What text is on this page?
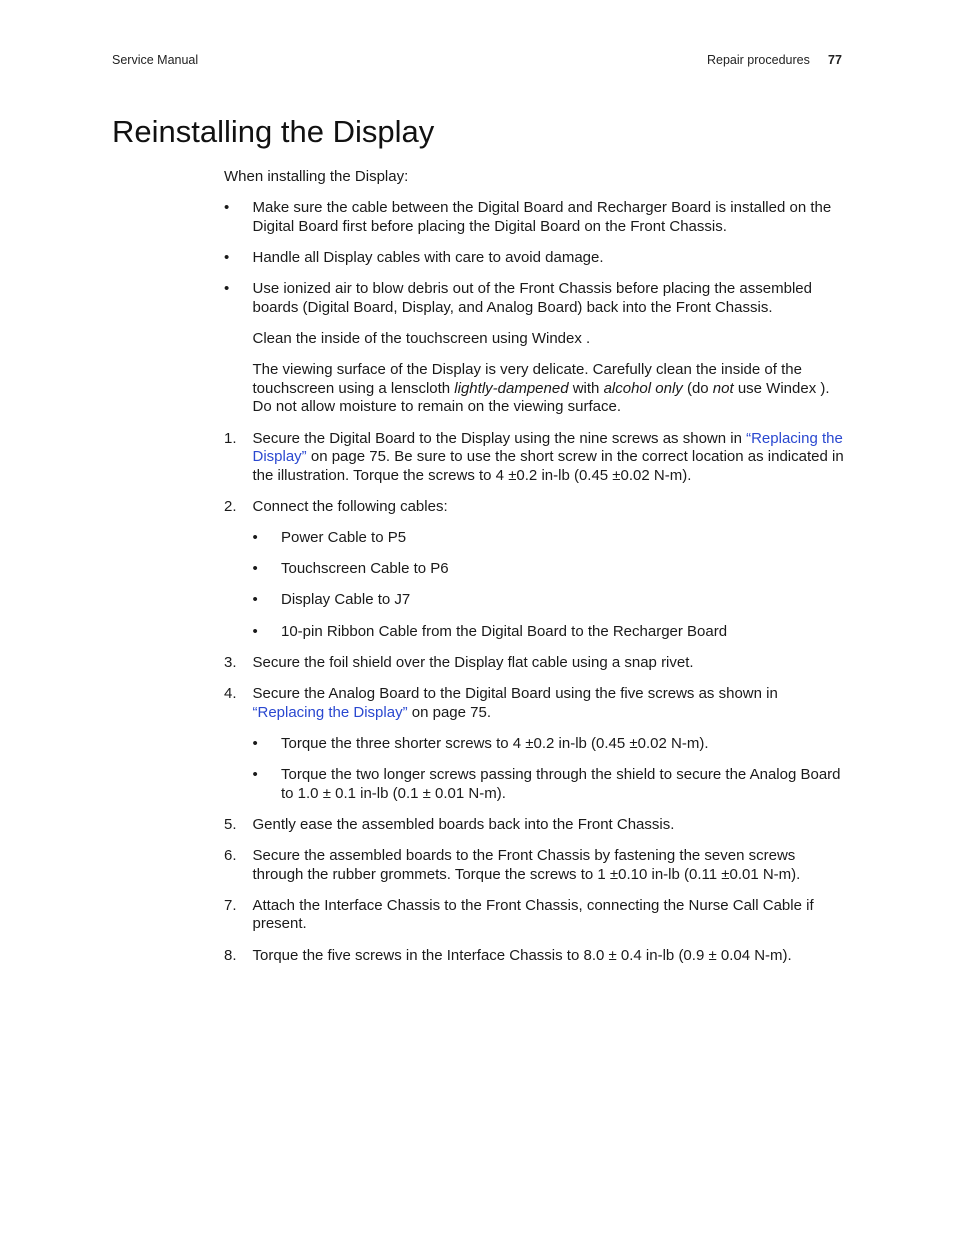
Service Manual	Repair procedures 77
Reinstalling the Display
When installing the Display:
•	Make sure the cable between the Digital Board and Recharger Board is installed on the Digital Board first before placing the Digital Board on the Front Chassis.
•	Handle all Display cables with care to avoid damage.
•	Use ionized air to blow debris out of the Front Chassis before placing the assembled boards (Digital Board, Display, and Analog Board) back into the Front Chassis.
Clean the inside of the touchscreen using Windex .
The viewing surface of the Display is very delicate. Carefully clean the inside of the touchscreen using a lenscloth lightly-dampened with alcohol only (do not use Windex ). Do not allow moisture to remain on the viewing surface.
1.	Secure the Digital Board to the Display using the nine screws as shown in “Replacing the Display” on page 75. Be sure to use the short screw in the correct location as indicated in the illustration. Torque the screws to 4 ±0.2 in-lb (0.45 ±0.02 N-m).
2.	Connect the following cables:
•	Power Cable to P5
•	Touchscreen Cable to P6
•	Display Cable to J7
•	10-pin Ribbon Cable from the Digital Board to the Recharger Board
3.	Secure the foil shield over the Display flat cable using a snap rivet.
4.	Secure the Analog Board to the Digital Board using the five screws as shown in “Replacing the Display” on page 75.
•	Torque the three shorter screws to 4 ±0.2 in-lb (0.45 ±0.02 N-m).
•	Torque the two longer screws passing through the shield to secure the Analog Board to 1.0 ± 0.1 in-lb (0.1 ± 0.01 N-m).
5.	Gently ease the assembled boards back into the Front Chassis.
6.	Secure the assembled boards to the Front Chassis by fastening the seven screws through the rubber grommets. Torque the screws to 1 ±0.10 in-lb (0.11 ±0.01 N-m).
7.	Attach the Interface Chassis to the Front Chassis, connecting the Nurse Call Cable if present.
8.	Torque the five screws in the Interface Chassis to 8.0 ± 0.4 in-lb (0.9 ± 0.04 N-m).
